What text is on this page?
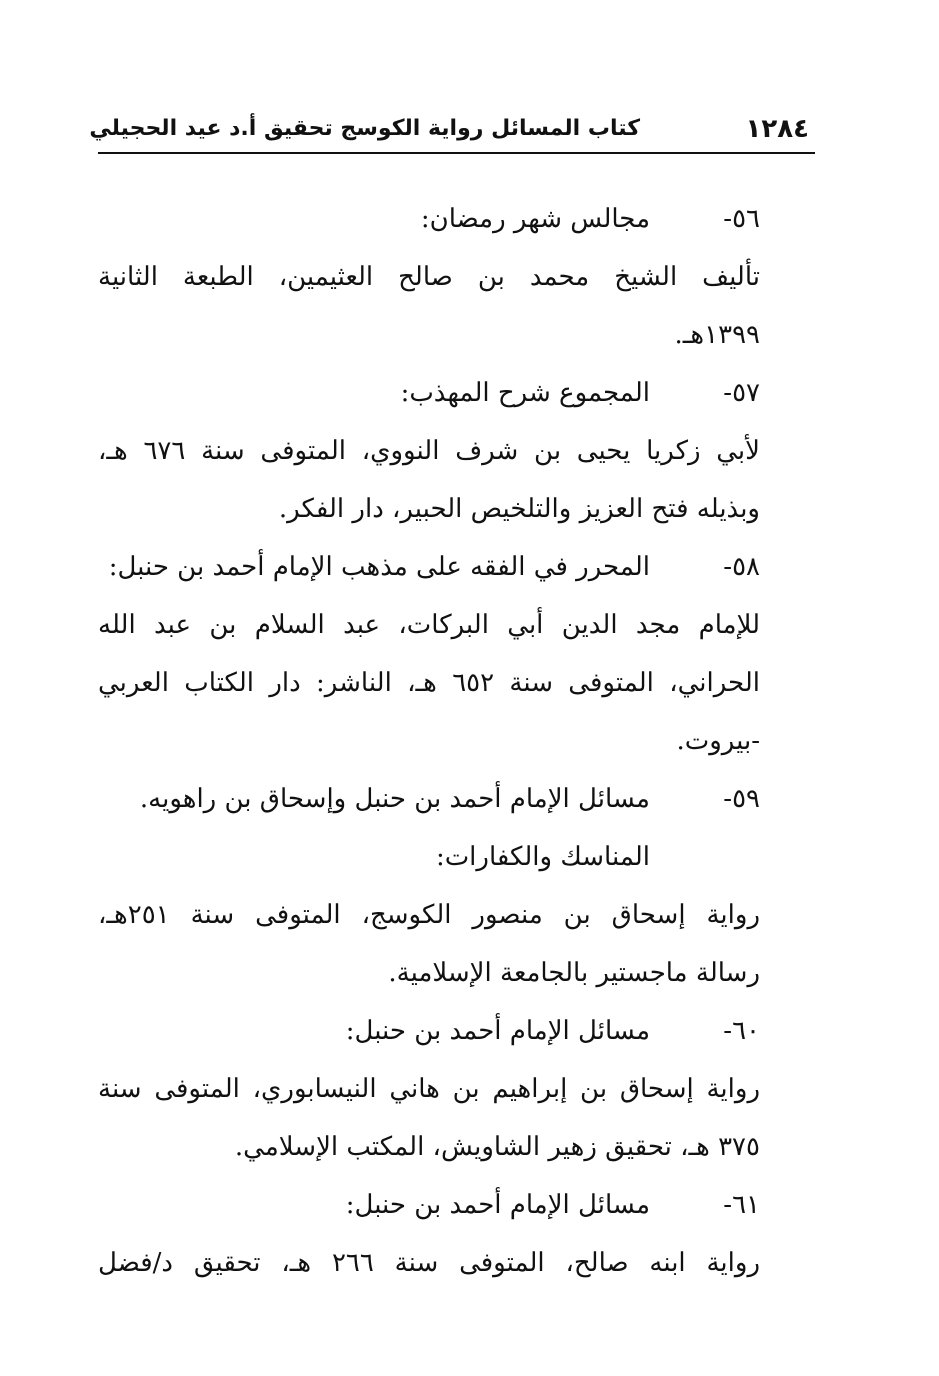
١٢٨٤
كتاب المسائل رواية الكوسج تحقيق أ.د عيد الحجيلي
٥٦-
مجالس شهر رمضان:
تأليف الشيخ محمد بن صالح العثيمين، الطبعة الثانية
١٣٩٩هـ.
٥٧-
المجموع شرح المهذب:
لأبي زكريا يحيى بن شرف النووي، المتوفى سنة ٦٧٦ هـ،
وبذيله فتح العزيز والتلخيص الحبير، دار الفكر.
٥٨-
المحرر في الفقه على مذهب الإمام أحمد بن حنبل:
للإمام مجد الدين أبي البركات، عبد السلام بن عبد الله
الحراني، المتوفى سنة ٦٥٢ هـ، الناشر: دار الكتاب العربي
-بيروت.
٥٩-
مسائل الإمام أحمد بن حنبل وإسحاق بن راهويه.
المناسك والكفارات:
رواية إسحاق بن منصور الكوسج، المتوفى سنة ٢٥١هـ،
رسالة ماجستير بالجامعة الإسلامية.
٦٠-
مسائل الإمام أحمد بن حنبل:
رواية إسحاق بن إبراهيم بن هاني النيسابوري، المتوفى سنة
٣٧٥ هـ، تحقيق زهير الشاويش، المكتب الإسلامي.
٦١-
مسائل الإمام أحمد بن حنبل:
رواية ابنه صالح، المتوفى سنة ٢٦٦ هـ، تحقيق د/فضل
